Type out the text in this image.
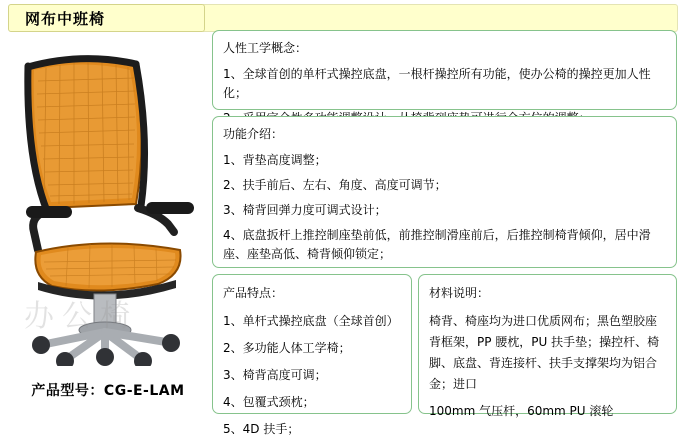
网布中班椅
办公椅
产品型号：CG-E-LAM

人性工学概念：

1、全球首创的单杆式操控底盘，一根杆操控所有功能，使办公椅的操控更加人性化；

功能介绍：

1、背垫高度调整；

2、扶手前后、左右、角度、高度可调节；

3、椅背回弹力度可调式设计；

4、底盘扳杆上推控制座垫前低，前推控制滑座前后，后推控制椅背倾仰，居中滑座、座垫高低、椅背倾仰锁定；

产品特点：

1、单杆式操控底盘（全球首创）

2、多功能人体工学椅；

3、椅背高度可调；

4、包覆式颈枕；

5、4D 扶手；

材料说明：

椅背、椅座均为进口优质网布；黑色塑胶座背框架，PP 腰枕，PU 扶手垫；操控杆、椅脚、底盘、背连接杆、扶手支撑架均为铝合金；进口

100mm 气压杆，60mm PU 滚轮
